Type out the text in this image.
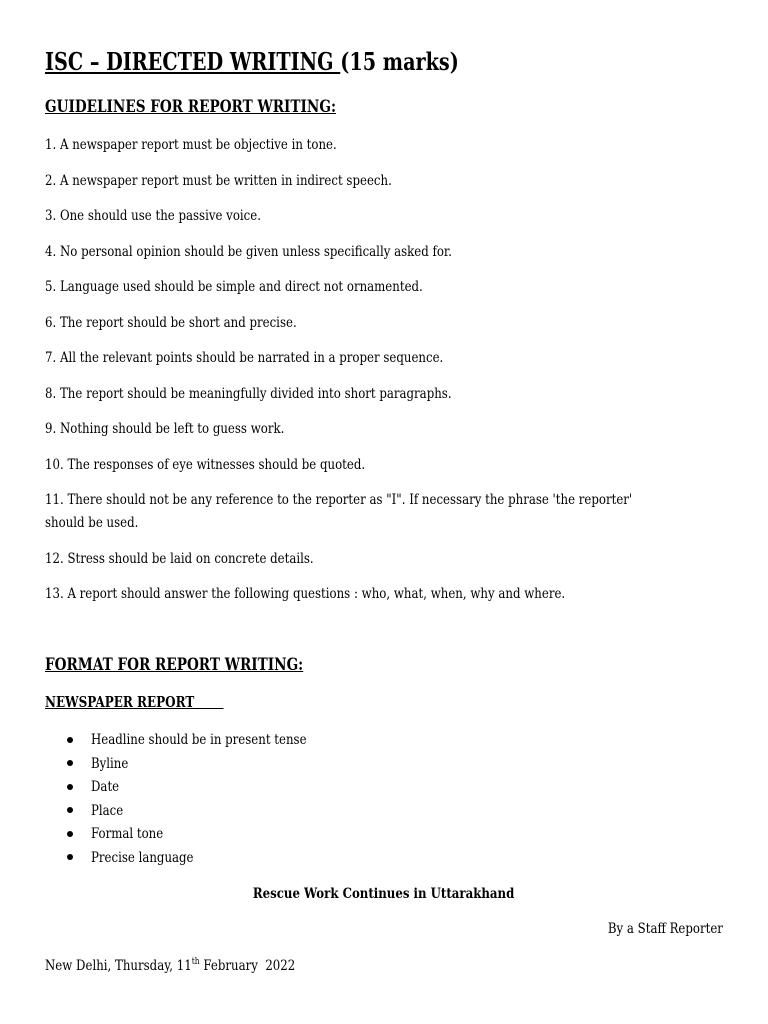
ISC – DIRECTED WRITING (15 marks)
GUIDELINES FOR REPORT WRITING:
1. A newspaper report must be objective in tone.
2. A newspaper report must be written in indirect speech.
3. One should use the passive voice.
4. No personal opinion should be given unless specifically asked for.
5. Language used should be simple and direct not ornamented.
6. The report should be short and precise.
7. All the relevant points should be narrated in a proper sequence.
8. The report should be meaningfully divided into short paragraphs.
9. Nothing should be left to guess work.
10. The responses of eye witnesses should be quoted.
11. There should not be any reference to the reporter as "I". If necessary the phrase 'the reporter'
should be used.
12. Stress should be laid on concrete details.
13. A report should answer the following questions : who, what, when, why and where.
FORMAT FOR REPORT WRITING:
NEWSPAPER REPORT
Headline should be in present tense
Byline
Date
Place
Formal tone
Precise language
Rescue Work Continues in Uttarakhand
By a Staff Reporter
New Delhi, Thursday, 11th February  2022
